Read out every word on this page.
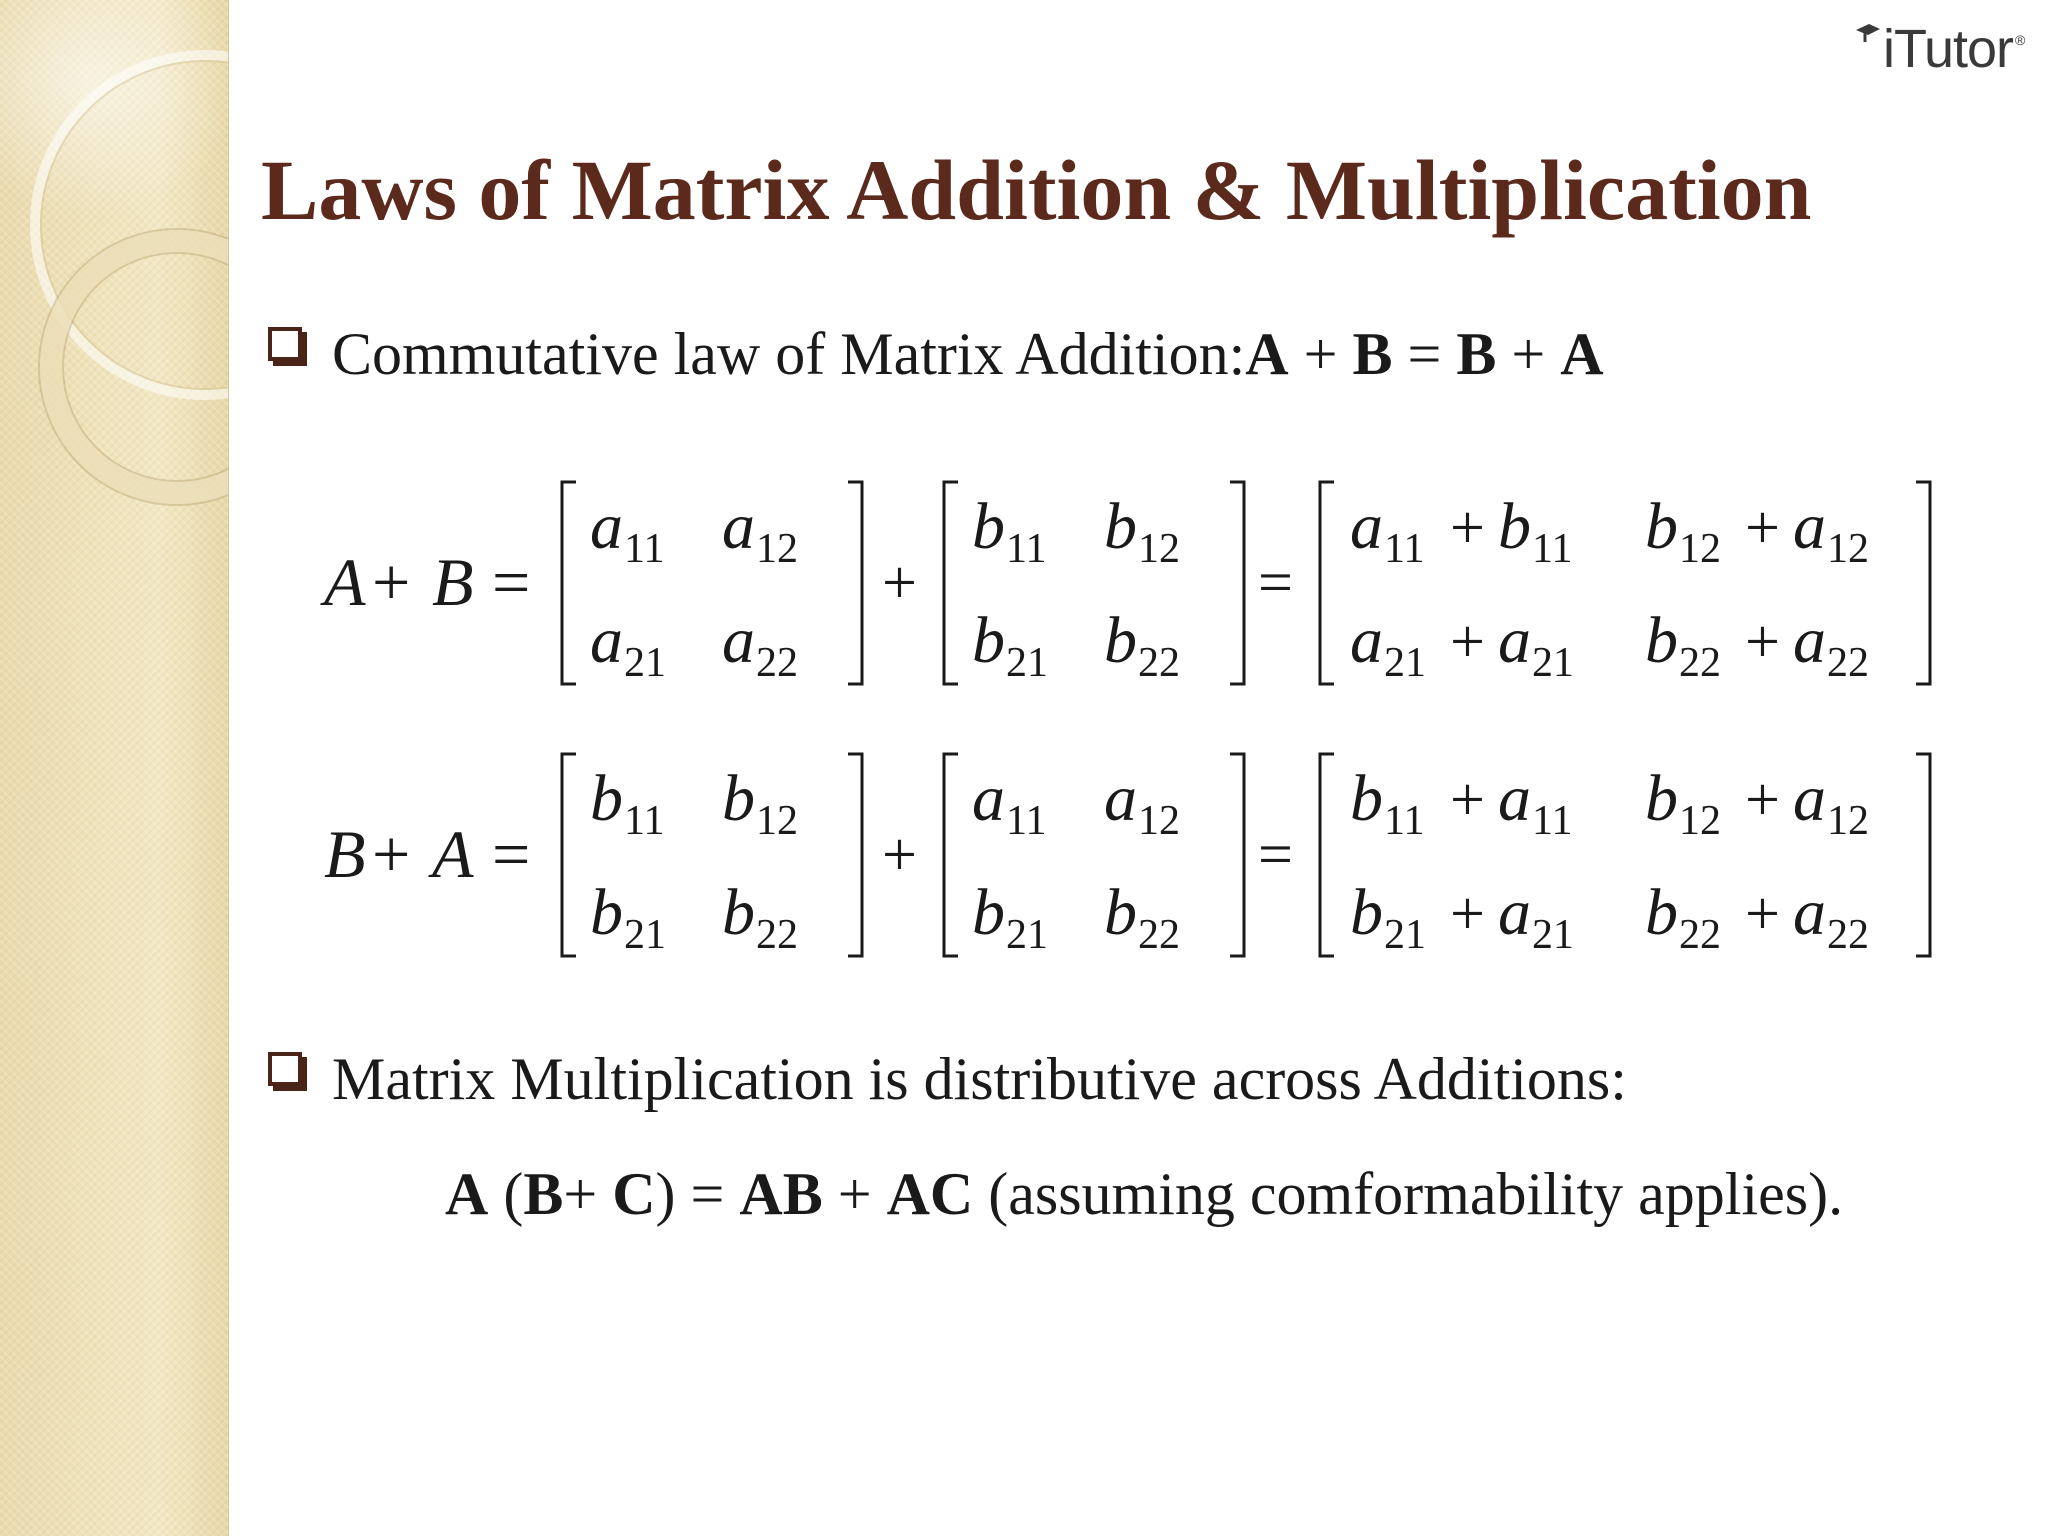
iTutor ®
Laws of Matrix Addition & Multiplication
Commutative law of Matrix Addition: A + B = B + A
A + B =
a 11 a 12
a 21 a 22
+
b 11 b 12
b 21 b 22
=
a 11 + b 11 b 12 + a 12
a 21 + a 21 b 22 + a 22
B + A =
b 11 b 12
b 21 b 22
+
a 11 a 12
b 21 b 22
=
b 11 + a 11 b 12 + a 12
b 21 + a 21 b 22 + a 22
Matrix Multiplication is distributive across Additions:

A (B+ C) = AB + AC (assuming comformability applies).
